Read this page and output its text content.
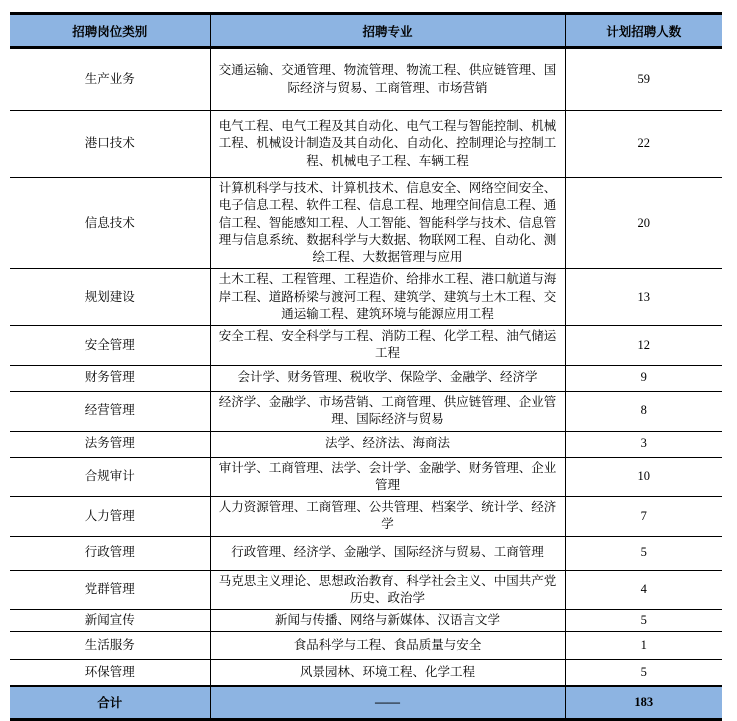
招聘岗位类别	招聘专业	计划招聘人数
生产业务	交通运输、交通管理、物流管理、物流工程、供应链管理、国际经济与贸易、工商管理、市场营销	59
港口技术	电气工程、电气工程及其自动化、电气工程与智能控制、机械工程、机械设计制造及其自动化、自动化、控制理论与控制工程、机械电子工程、车辆工程	22
信息技术	计算机科学与技术、计算机技术、信息安全、网络空间安全、电子信息工程、软件工程、信息工程、地理空间信息工程、通信工程、智能感知工程、人工智能、智能科学与技术、信息管理与信息系统、数据科学与大数据、物联网工程、自动化、测绘工程、大数据管理与应用	20
规划建设	土木工程、工程管理、工程造价、给排水工程、港口航道与海岸工程、道路桥梁与渡河工程、建筑学、建筑与土木工程、交通运输工程、建筑环境与能源应用工程	13
安全管理	安全工程、安全科学与工程、消防工程、化学工程、油气储运工程	12
财务管理	会计学、财务管理、税收学、保险学、金融学、经济学	9
经营管理	经济学、金融学、市场营销、工商管理、供应链管理、企业管理、国际经济与贸易	8
法务管理	法学、经济法、海商法	3
合规审计	审计学、工商管理、法学、会计学、金融学、财务管理、企业管理	10
人力管理	人力资源管理、工商管理、公共管理、档案学、统计学、经济学	7
行政管理	行政管理、经济学、金融学、国际经济与贸易、工商管理	5
党群管理	马克思主义理论、思想政治教育、科学社会主义、中国共产党历史、政治学	4
新闻宣传	新闻与传播、网络与新媒体、汉语言文学	5
生活服务	食品科学与工程、食品质量与安全	1
环保管理	风景园林、环境工程、化学工程	5
合计	——	183
